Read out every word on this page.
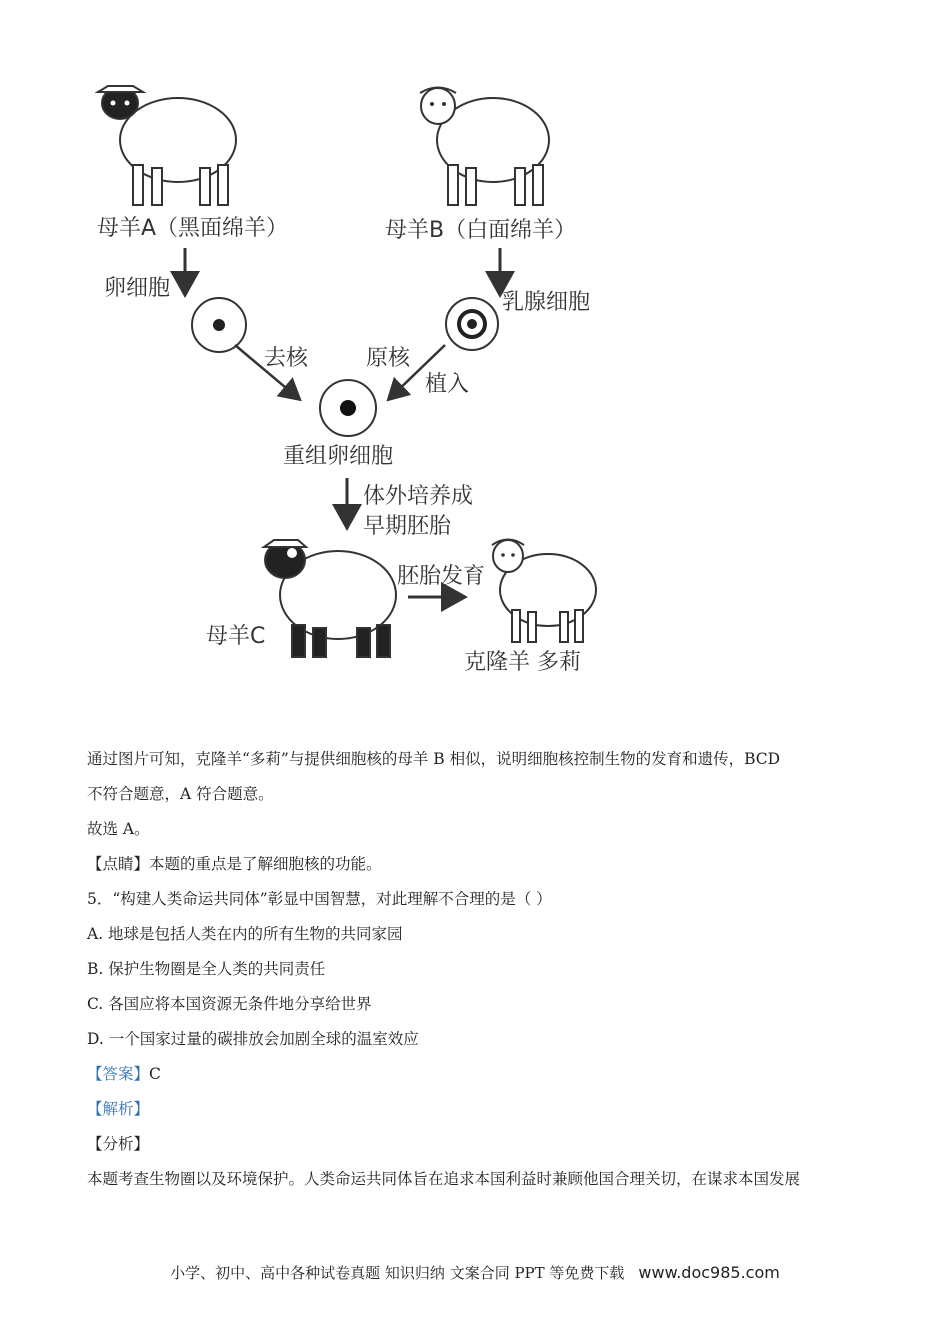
母羊A（黑面绵羊）	母羊B（白面绵羊）
卵细胞
乳腺细胞
去核	原核
植入
重组卵细胞
体外培养成
早期胚胎
胚胎发育
母羊C
克隆羊 多莉
通过图片可知，克隆羊“多莉”与提供细胞核的母羊 B 相似，说明细胞核控制生物的发育和遗传，BCD
不符合题意，A 符合题意。
故选 A。
【点睛】本题的重点是了解细胞核的功能。
5．“构建人类命运共同体”彰显中国智慧，对此理解不合理的是（ ）
A. 地球是包括人类在内的所有生物的共同家园
B. 保护生物圈是全人类的共同责任
C. 各国应将本国资源无条件地分享给世界
D. 一个国家过量的碳排放会加剧全球的温室效应
【答案】C
【解析】
【分析】
本题考查生物圈以及环境保护。人类命运共同体旨在追求本国利益时兼顾他国合理关切，在谋求本国发展
小学、初中、高中各种试卷真题 知识归纳 文案合同 PPT 等免费下载 www.doc985.com
